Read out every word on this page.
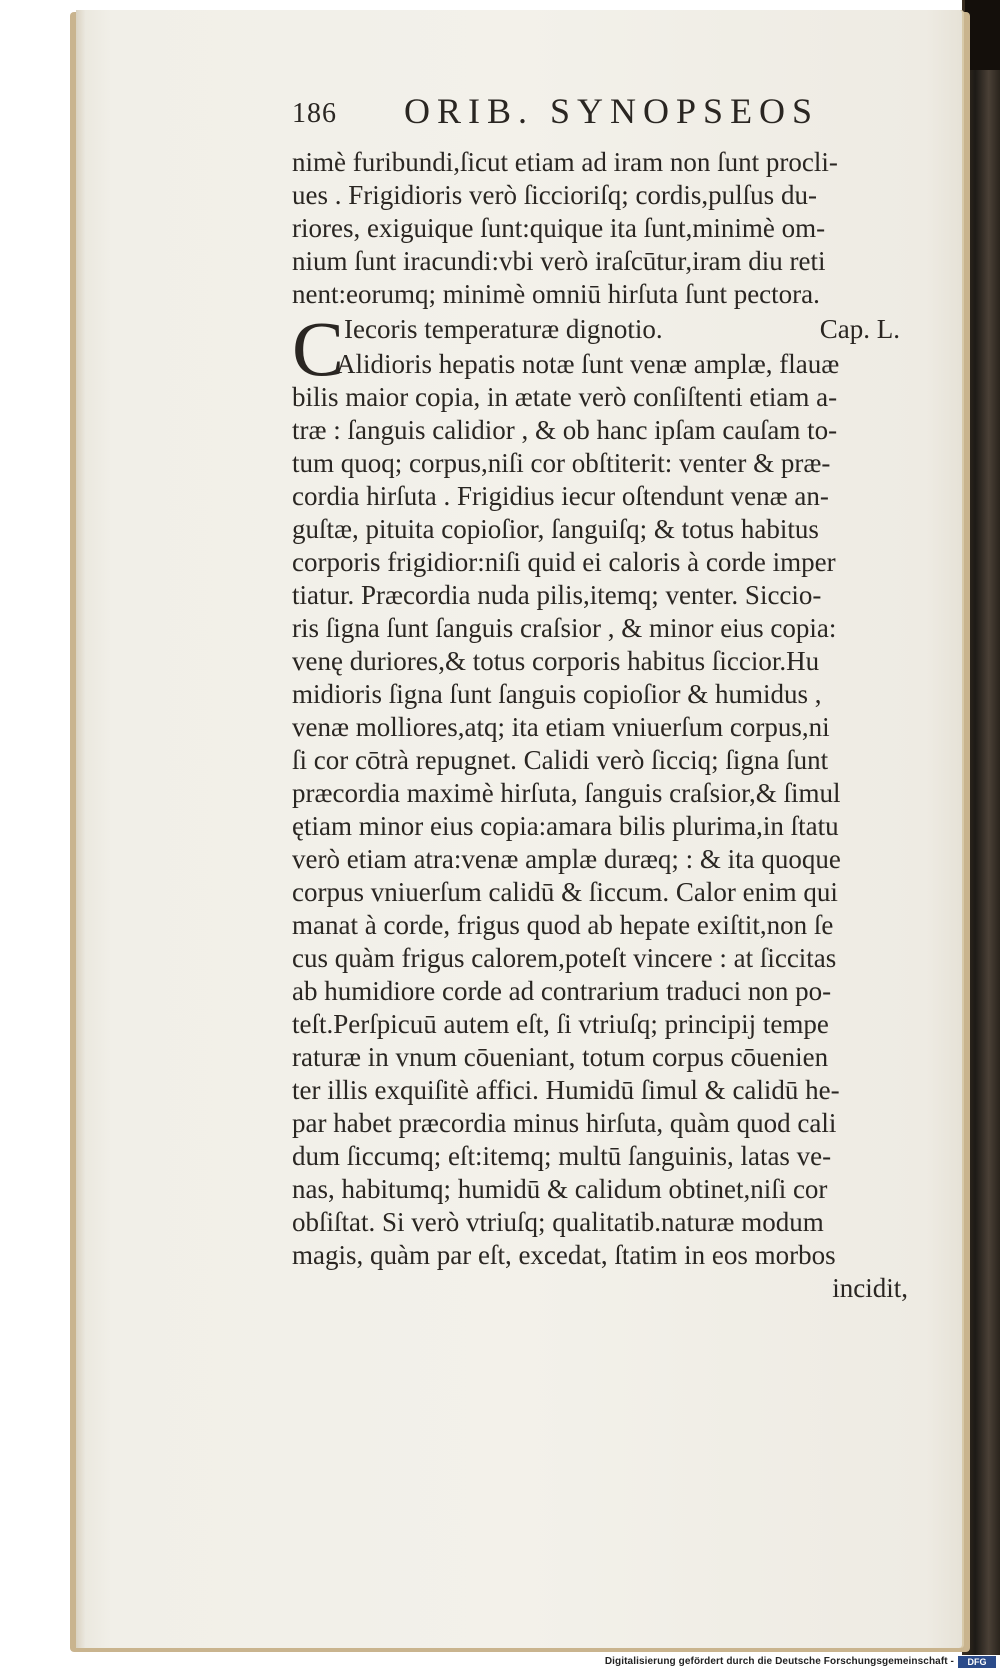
186 ORIB. SYNOPSEOS
nimè furibundi,ſicut etiam ad iram non ſunt procli-
ues . Frigidioris verò ſiccioriſq; cordis,pulſus du-
riores, exiguique ſunt:quique ita ſunt,minimè om-
nium ſunt iracundi:vbi verò iraſcūtur,iram diu reti
nent:eorumq; minimè omniū hirſuta ſunt pectora.
Iecoris temperaturæ dignotio.	Cap. L.
C
Alidioris hepatis notæ ſunt venæ amplæ, flauæ
bilis maior copia, in ætate verò conſiſtenti etiam a-
træ : ſanguis calidior , & ob hanc ipſam cauſam to-
tum quoq; corpus,niſi cor obſtiterit: venter & præ-
cordia hirſuta . Frigidius iecur oſtendunt venæ an-
guſtæ, pituita copioſior, ſanguiſq; & totus habitus
corporis frigidior:niſi quid ei caloris à corde imper
tiatur. Præcordia nuda pilis,itemq; venter. Siccio-
ris ſigna ſunt ſanguis craſsior , & minor eius copia:
venę duriores,& totus corporis habitus ſiccior.Hu
midioris ſigna ſunt ſanguis copioſior & humidus ,
venæ molliores,atq; ita etiam vniuerſum corpus,ni
ſi cor cōtrà repugnet. Calidi verò ſicciq; ſigna ſunt
præcordia maximè hirſuta, ſanguis craſsior,& ſimul
ętiam minor eius copia:amara bilis plurima,in ſtatu
verò etiam atra:venæ amplæ duræq; : & ita quoque
corpus vniuerſum calidū & ſiccum. Calor enim qui
manat à corde, frigus quod ab hepate exiſtit,non ſe
cus quàm frigus calorem,poteſt vincere : at ſiccitas
ab humidiore corde ad contrarium traduci non po-
teſt.Perſpicuū autem eſt, ſi vtriuſq; principij tempe
raturæ in vnum cōueniant, totum corpus cōuenien
ter illis exquiſitè affici. Humidū ſimul & calidū he-
par habet præcordia minus hirſuta, quàm quod cali
dum ſiccumq; eſt:itemq; multū ſanguinis, latas ve-
nas, habitumq; humidū & calidum obtinet,niſi cor
obſiſtat. Si verò vtriuſq; qualitatib.naturæ modum
magis, quàm par eſt, excedat, ſtatim in eos morbos
incidit,
Digitalisierung gefördert durch die Deutsche Forschungsgemeinschaft -	DFG
